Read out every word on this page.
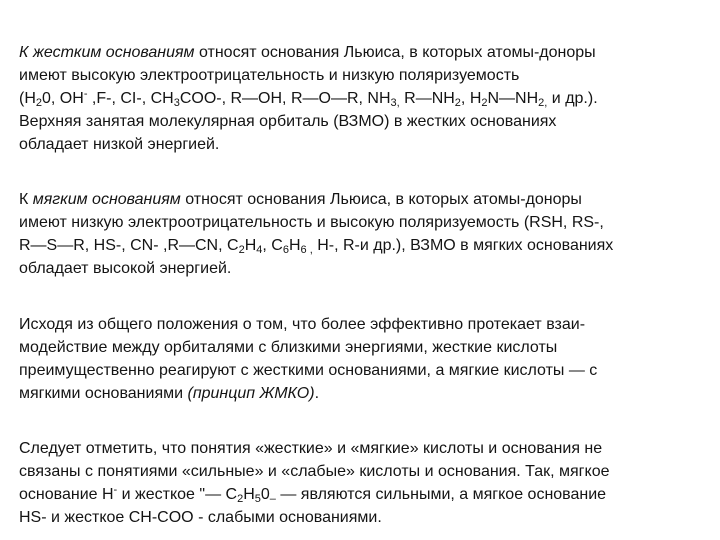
К жестким основаниям относят основания Льюиса, в которых атомы-доноры
имеют высокую электроотрицательность и низкую поляризуемость
($H_20$, OH- ,F-, CI-, $CH_3COO-$, R—OH, R—O—R, $NH_{3,}$ $R—NH_2$, $H_2N—NH_{2,}$ и др.).
Верхняя занятая молекулярная орбиталь (ВЗМО) в жестких основаниях
обладает низкой энергией.

К мягким основаниям относят основания Льюиса, в которых атомы-доноры
имеют низкую электроотрицательность и высокую поляризуемость (RSH, RS-,
R—S—R, HS-, CN- ,R—CN, $C_2H_4$, $C_6H_{6 ,}$ H-, R-и др.), ВЗМО в мягких основаниях
обладает высокой энергией.

Исходя из общего положения о том, что более эффективно протекает взаи-
модействие между орбиталями с близкими энергиями, жесткие кислоты
преимущественно реагируют с жесткими основаниями, а мягкие кислоты — с
мягкими основаниями (принцип ЖМКО).

Следует отметить, что понятия «жесткие» и «мягкие» кислоты и основания не
связаны с понятиями «сильные» и «слабые» кислоты и основания. Так, мягкое
основание H- и жесткое "— $C_2H_50_-$ — являются сильными, а мягкое основание
HS- и жесткое CH-COO - слабыми основаниями.
